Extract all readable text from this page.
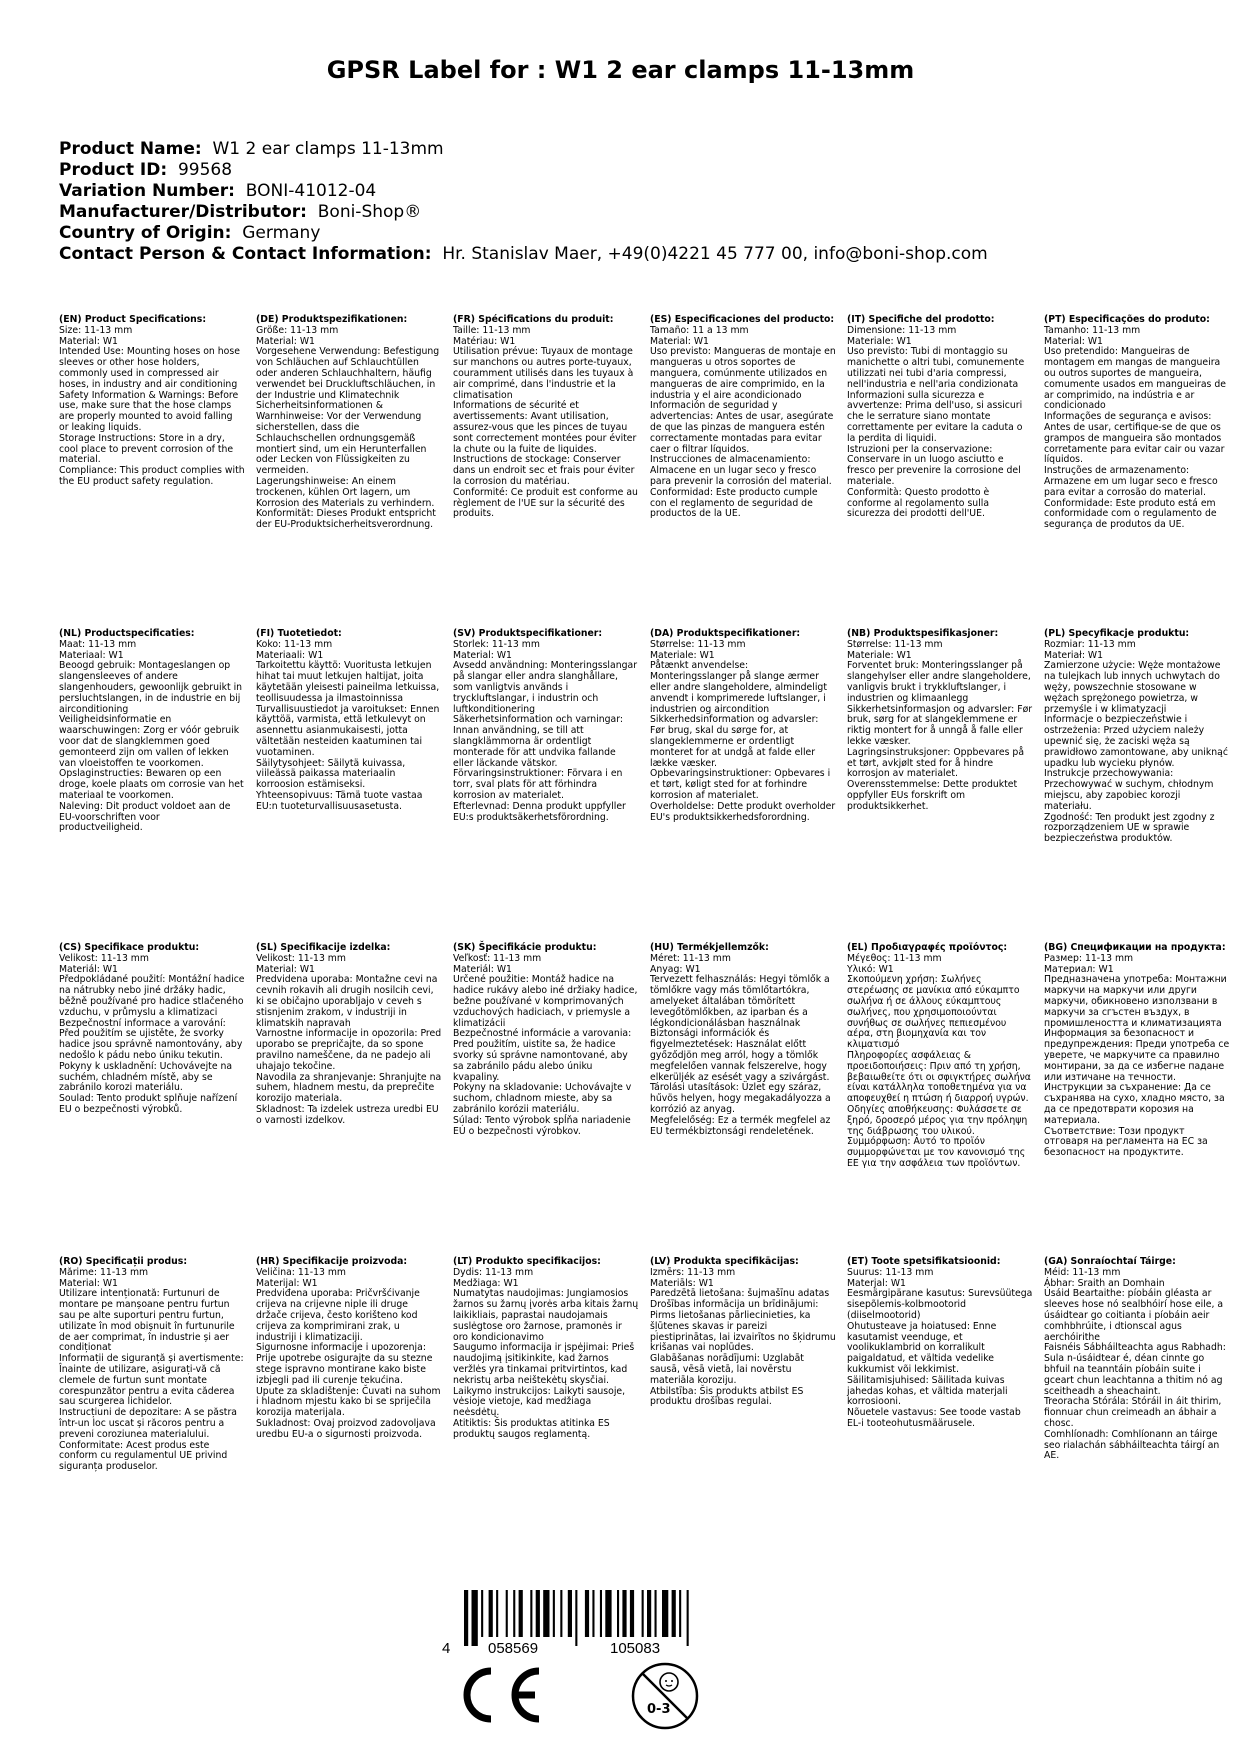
GPSR Label for : W1 2 ear clamps 11-13mm
Product Name: W1 2 ear clamps 11-13mm
Product ID: 99568
Variation Number: BONI-41012-04
Manufacturer/Distributor: Boni-Shop®
Country of Origin: Germany
Contact Person & Contact Information: Hr. Stanislav Maer, +49(0)4221 45 777 00, info@boni-shop.com

(EN) Product Specifications:

Size: 11-13 mm

Material: W1

Intended Use: Mounting hoses on hose sleeves or other hose holders, commonly used in compressed air hoses, in industry and air conditioning

Safety Information & Warnings: Before use, make sure that the hose clamps are properly mounted to avoid falling or leaking liquids.

Storage Instructions: Store in a dry, cool place to prevent corrosion of the material.

Compliance: This product complies with the EU product safety regulation.

(DE) Produktspezifikationen:

Größe: 11-13 mm

Material: W1

Vorgesehene Verwendung: Befestigung von Schläuchen auf Schlauchtüllen oder anderen Schlauchhaltern, häufig verwendet bei Druckluftschläuchen, in der Industrie und Klimatechnik

Sicherheitsinformationen & Warnhinweise: Vor der Verwendung sicherstellen, dass die Schlauchschellen ordnungsgemäß montiert sind, um ein Herunterfallen oder Lecken von Flüssigkeiten zu vermeiden.

Lagerungshinweise: An einem trockenen, kühlen Ort lagern, um Korrosion des Materials zu verhindern.

Konformität: Dieses Produkt entspricht der EU-Produktsicherheitsverordnung.

(FR) Spécifications du produit:

Taille: 11-13 mm

Matériau: W1

Utilisation prévue: Tuyaux de montage sur manchons ou autres porte-tuyaux, couramment utilisés dans les tuyaux à air comprimé, dans l'industrie et la climatisation

Informations de sécurité et avertissements: Avant utilisation, assurez-vous que les pinces de tuyau sont correctement montées pour éviter la chute ou la fuite de liquides.

Instructions de stockage: Conserver dans un endroit sec et frais pour éviter la corrosion du matériau.

Conformité: Ce produit est conforme au règlement de l'UE sur la sécurité des produits.

(ES) Especificaciones del producto:

Tamaño: 11 a 13 mm

Material: W1

Uso previsto: Mangueras de montaje en mangueras u otros soportes de manguera, comúnmente utilizados en mangueras de aire comprimido, en la industria y el aire acondicionado

Información de seguridad y advertencias: Antes de usar, asegúrate de que las pinzas de manguera estén correctamente montadas para evitar caer o filtrar líquidos.

Instrucciones de almacenamiento: Almacene en un lugar seco y fresco para prevenir la corrosión del material.

Conformidad: Este producto cumple con el reglamento de seguridad de productos de la UE.

(IT) Specifiche del prodotto:

Dimensione: 11-13 mm

Materiale: W1

Uso previsto: Tubi di montaggio su manichette o altri tubi, comunemente utilizzati nei tubi d'aria compressi, nell'industria e nell'aria condizionata

Informazioni sulla sicurezza e avvertenze: Prima dell'uso, si assicuri che le serrature siano montate correttamente per evitare la caduta o la perdita di liquidi.

Istruzioni per la conservazione: Conservare in un luogo asciutto e fresco per prevenire la corrosione del materiale.

Conformità: Questo prodotto è conforme al regolamento sulla sicurezza dei prodotti dell'UE.

(PT) Especificações do produto:

Tamanho: 11-13 mm

Material: W1

Uso pretendido: Mangueiras de montagem em mangas de mangueira ou outros suportes de mangueira, comumente usados em mangueiras de ar comprimido, na indústria e ar condicionado

Informações de segurança e avisos: Antes de usar, certifique-se de que os grampos de mangueira são montados corretamente para evitar cair ou vazar líquidos.

Instruções de armazenamento: Armazene em um lugar seco e fresco para evitar a corrosão do material.

Conformidade: Este produto está em conformidade com o regulamento de segurança de produtos da UE.

(NL) Productspecificaties:

Maat: 11-13 mm

Materiaal: W1

Beoogd gebruik: Montageslangen op slangensleeves of andere slangenhouders, gewoonlijk gebruikt in persluchtslangen, in de industrie en bij airconditioning

Veiligheidsinformatie en waarschuwingen: Zorg er vóór gebruik voor dat de slangklemmen goed gemonteerd zijn om vallen of lekken van vloeistoffen te voorkomen.

Opslaginstructies: Bewaren op een droge, koele plaats om corrosie van het materiaal te voorkomen.

Naleving: Dit product voldoet aan de EU-voorschriften voor productveiligheid.

(FI) Tuotetiedot:

Koko: 11-13 mm

Materiaali: W1

Tarkoitettu käyttö: Vuoritusta letkujen hihat tai muut letkujen haltijat, joita käytetään yleisesti paineilma letkuissa, teollisuudessa ja ilmastoinnissa

Turvallisuustiedot ja varoitukset: Ennen käyttöä, varmista, että letkulevyt on asennettu asianmukaisesti, jotta vältetään nesteiden kaatuminen tai vuotaminen.

Säilytysohjeet: Säilytä kuivassa, viileässä paikassa materiaalin korroosion estämiseksi.

Yhteensopivuus: Tämä tuote vastaa EU:n tuoteturvallisuusasetusta.

(SV) Produktspecifikationer:

Storlek: 11-13 mm

Material: W1

Avsedd användning: Monteringsslangar på slangar eller andra slanghållare, som vanligtvis används i tryckluftslangar, i industrin och luftkonditionering

Säkerhetsinformation och varningar: Innan användning, se till att slangklämmorna är ordentligt monterade för att undvika fallande eller läckande vätskor.

Förvaringsinstruktioner: Förvara i en torr, sval plats för att förhindra korrosion av materialet.

Efterlevnad: Denna produkt uppfyller EU:s produktsäkerhetsförordning.

(DA) Produktspecifikationer:

Størrelse: 11-13 mm

Materiale: W1

Påtænkt anvendelse: Monteringsslanger på slange ærmer eller andre slangeholdere, almindeligt anvendt i komprimerede luftslanger, i industrien og aircondition

Sikkerhedsinformation og advarsler: Før brug, skal du sørge for, at slangeklemmerne er ordentligt monteret for at undgå at falde eller lække væsker.

Opbevaringsinstruktioner: Opbevares i et tørt, køligt sted for at forhindre korrosion af materialet.

Overholdelse: Dette produkt overholder EU's produktsikkerhedsforordning.

(NB) Produktspesifikasjoner:

Størrelse: 11-13 mm

Materiale: W1

Forventet bruk: Monteringsslanger på slangehylser eller andre slangeholdere, vanligvis brukt i trykkluftslanger, i industrien og klimaanlegg

Sikkerhetsinformasjon og advarsler: Før bruk, sørg for at slangeklemmene er riktig montert for å unngå å falle eller lekke væsker.

Lagringsinstruksjoner: Oppbevares på et tørt, avkjølt sted for å hindre korrosjon av materialet.

Overensstemmelse: Dette produktet oppfyller EUs forskrift om produktsikkerhet.

(PL) Specyfikacje produktu:

Rozmiar: 11-13 mm

Materiał: W1

Zamierzone użycie: Węże montażowe na tulejkach lub innych uchwytach do węży, powszechnie stosowane w wężach sprężonego powietrza, w przemyśle i w klimatyzacji

Informacje o bezpieczeństwie i ostrzeżenia: Przed użyciem należy upewnić się, że zaciski węża są prawidłowo zamontowane, aby uniknąć upadku lub wycieku płynów.

Instrukcje przechowywania: Przechowywać w suchym, chłodnym miejscu, aby zapobiec korozji materiału.

Zgodność: Ten produkt jest zgodny z rozporządzeniem UE w sprawie bezpieczeństwa produktów.

(CS) Specifikace produktu:

Velikost: 11-13 mm

Materiál: W1

Předpokládané použití: Montážní hadice na nátrubky nebo jiné držáky hadic, běžně používané pro hadice stlačeného vzduchu, v průmyslu a klimatizaci

Bezpečnostní informace a varování: Před použitím se ujistěte, že svorky hadice jsou správně namontovány, aby nedošlo k pádu nebo úniku tekutin.

Pokyny k uskladnění: Uchovávejte na suchém, chladném místě, aby se zabránilo korozi materiálu.

Soulad: Tento produkt splňuje nařízení EU o bezpečnosti výrobků.

(SL) Specifikacije izdelka:

Velikost: 11-13 mm

Material: W1

Predvidena uporaba: Montažne cevi na cevnih rokavih ali drugih nosilcih cevi, ki se običajno uporabljajo v ceveh s stisnjenim zrakom, v industriji in klimatskih napravah

Varnostne informacije in opozorila: Pred uporabo se prepričajte, da so spone pravilno nameščene, da ne padejo ali uhajajo tekočine.

Navodila za shranjevanje: Shranjujte na suhem, hladnem mestu, da preprečite korozijo materiala.

Skladnost: Ta izdelek ustreza uredbi EU o varnosti izdelkov.

(SK) Špecifikácie produktu:

Veľkosť: 11-13 mm

Materiál: W1

Určené použitie: Montáž hadice na hadice rukávy alebo iné držiaky hadice, bežne používané v komprimovaných vzduchových hadiciach, v priemysle a klimatizácii

Bezpečnostné informácie a varovania: Pred použitím, uistite sa, že hadice svorky sú správne namontované, aby sa zabránilo pádu alebo úniku kvapaliny.

Pokyny na skladovanie: Uchovávajte v suchom, chladnom mieste, aby sa zabránilo korózii materiálu.

Súlad: Tento výrobok spĺňa nariadenie EÚ o bezpečnosti výrobkov.

(HU) Termékjellemzők:

Méret: 11-13 mm

Anyag: W1

Tervezett felhasználás: Hegyi tömlők a tömlőkre vagy más tömlőtartókra, amelyeket általában tömörített levegőtömlőkben, az iparban és a légkondicionálásban használnak

Biztonsági információk és figyelmeztetések: Használat előtt győződjön meg arról, hogy a tömlők megfelelően vannak felszerelve, hogy elkerüljék az esését vagy a szivárgást.

Tárolási utasítások: Üzlet egy száraz, hűvös helyen, hogy megakadályozza a korrózió az anyag.

Megfelelőség: Ez a termék megfelel az EU termékbiztonsági rendeletének.

(EL) Προδιαγραφές προϊόντος:

Μέγεθος: 11-13 mm

Υλικό: W1

Σκοπούμενη χρήση: Σωλήνες στερέωσης σε μανίκια από εύκαμπτο σωλήνα ή σε άλλους εύκαμπτους σωλήνες, που χρησιμοποιούνται συνήθως σε σωλήνες πεπιεσμένου αέρα, στη βιομηχανία και τον κλιματισμό

Πληροφορίες ασφάλειας & προειδοποιήσεις: Πριν από τη χρήση, βεβαιωθείτε ότι οι σφιγκτήρες σωλήνα είναι κατάλληλα τοποθετημένα για να αποφευχθεί η πτώση ή διαρροή υγρών.

Οδηγίες αποθήκευσης: Φυλάσσετε σε ξηρό, δροσερό μέρος για την πρόληψη της διάβρωσης του υλικού.

Συμμόρφωση: Αυτό το προϊόν συμμορφώνεται με τον κανονισμό της ΕΕ για την ασφάλεια των προϊόντων.

(BG) Спецификации на продукта:

Размер: 11-13 mm

Материал: W1

Предназначена употреба: Монтажни маркучи на маркучи или други маркучи, обикновено използвани в маркучи за сгъстен въздух, в промишлеността и климатизацията

Информация за безопасност и предупреждения: Преди употреба се уверете, че маркучите са правилно монтирани, за да се избегне падане или изтичане на течности.

Инструкции за съхранение: Да се съхранява на сухо, хладно място, за да се предотврати корозия на материала.

Съответствие: Този продукт отговаря на регламента на ЕС за безопасност на продуктите.

(RO) Specificații produs:

Mărime: 11-13 mm

Material: W1

Utilizare intenționată: Furtunuri de montare pe manșoane pentru furtun sau pe alte suporturi pentru furtun, utilizate în mod obișnuit în furtunurile de aer comprimat, în industrie și aer condiționat

Informații de siguranță și avertismente: Înainte de utilizare, asigurați-vă că clemele de furtun sunt montate corespunzător pentru a evita căderea sau scurgerea lichidelor.

Instrucțiuni de depozitare: A se păstra într-un loc uscat și răcoros pentru a preveni coroziunea materialului.

Conformitate: Acest produs este conform cu regulamentul UE privind siguranța produselor.

(HR) Specifikacije proizvoda:

Veličina: 11-13 mm

Materijal: W1

Predviđena uporaba: Pričvršćivanje crijeva na crijevne niple ili druge držače crijeva, često korišteno kod crijeva za komprimirani zrak, u industriji i klimatizaciji.

Sigurnosne informacije i upozorenja: Prije upotrebe osigurajte da su stezne stege ispravno montirane kako biste izbjegli pad ili curenje tekućina.

Upute za skladištenje: Čuvati na suhom i hladnom mjestu kako bi se spriječila korozija materijala.

Sukladnost: Ovaj proizvod zadovoljava uredbu EU-a o sigurnosti proizvoda.

(LT) Produkto specifikacijos:

Dydis: 11-13 mm

Medžiaga: W1

Numatytas naudojimas: Jungiamosios žarnos su žarnų įvorės arba kitais žarnų laikikliais, paprastai naudojamais suslėgtose oro žarnose, pramonės ir oro kondicionavimo

Saugumo informacija ir įspėjimai: Prieš naudojimą įsitikinkite, kad žarnos veržlės yra tinkamai pritvirtintos, kad nekristų arba neištekėtų skysčiai.

Laikymo instrukcijos: Laikyti sausoje, vėsioje vietoje, kad medžiaga neėsdėtų.

Atitiktis: Šis produktas atitinka ES produktų saugos reglamentą.

(LV) Produkta specifikācijas:

Izmērs: 11-13 mm

Materiāls: W1

Paredzētā lietošana: šujmašīnu adatas

Drošības informācija un brīdinājumi: Pirms lietošanas pārliecinieties, ka šļūtenes skavas ir pareizi piestiprinātas, lai izvairītos no šķidrumu krišanas vai noplūdes.

Glabāšanas norādījumi: Uzglabāt sausā, vēsā vietā, lai novērstu materiāla koroziju.

Atbilstība: Šis produkts atbilst ES produktu drošības regulai.

(ET) Toote spetsifikatsioonid:

Suurus: 11-13 mm

Materjal: W1

Eesmärgipärane kasutus: Surevsüütega sisepõlemis-kolbmootorid (diiselmootorid)

Ohutusteave ja hoiatused: Enne kasutamist veenduge, et voolikuklambrid on korralikult paigaldatud, et vältida vedelike kukkumist või lekkimist.

Säilitamisjuhised: Säilitada kuivas jahedas kohas, et vältida materjali korrosiooni.

Nõuetele vastavus: See toode vastab EL-i tooteohutusmäärusele.

(GA) Sonraíochtaí Táirge:

Méid: 11-13 mm

Ábhar: Sraith an Domhain

Úsáid Beartaithe: píobáin gléasta ar sleeves hose nó sealbhóirí hose eile, a úsáidtear go coitianta i píobáin aeir comhbhrúite, i dtionscal agus aerchóirithe

Faisnéis Sábháilteachta agus Rabhadh: Sula n-úsáidtear é, déan cinnte go bhfuil na teanntáin píobáin suite i gceart chun leachtanna a thitim nó ag sceitheadh a sheachaint.

Treoracha Stórála: Stóráil in áit thirim, fionnuar chun creimeadh an ábhair a chosc.

Comhlíonadh: Comhlíonann an táirge seo rialachán sábháilteachta táirgí an AE.

4	058569	105083
0-3
